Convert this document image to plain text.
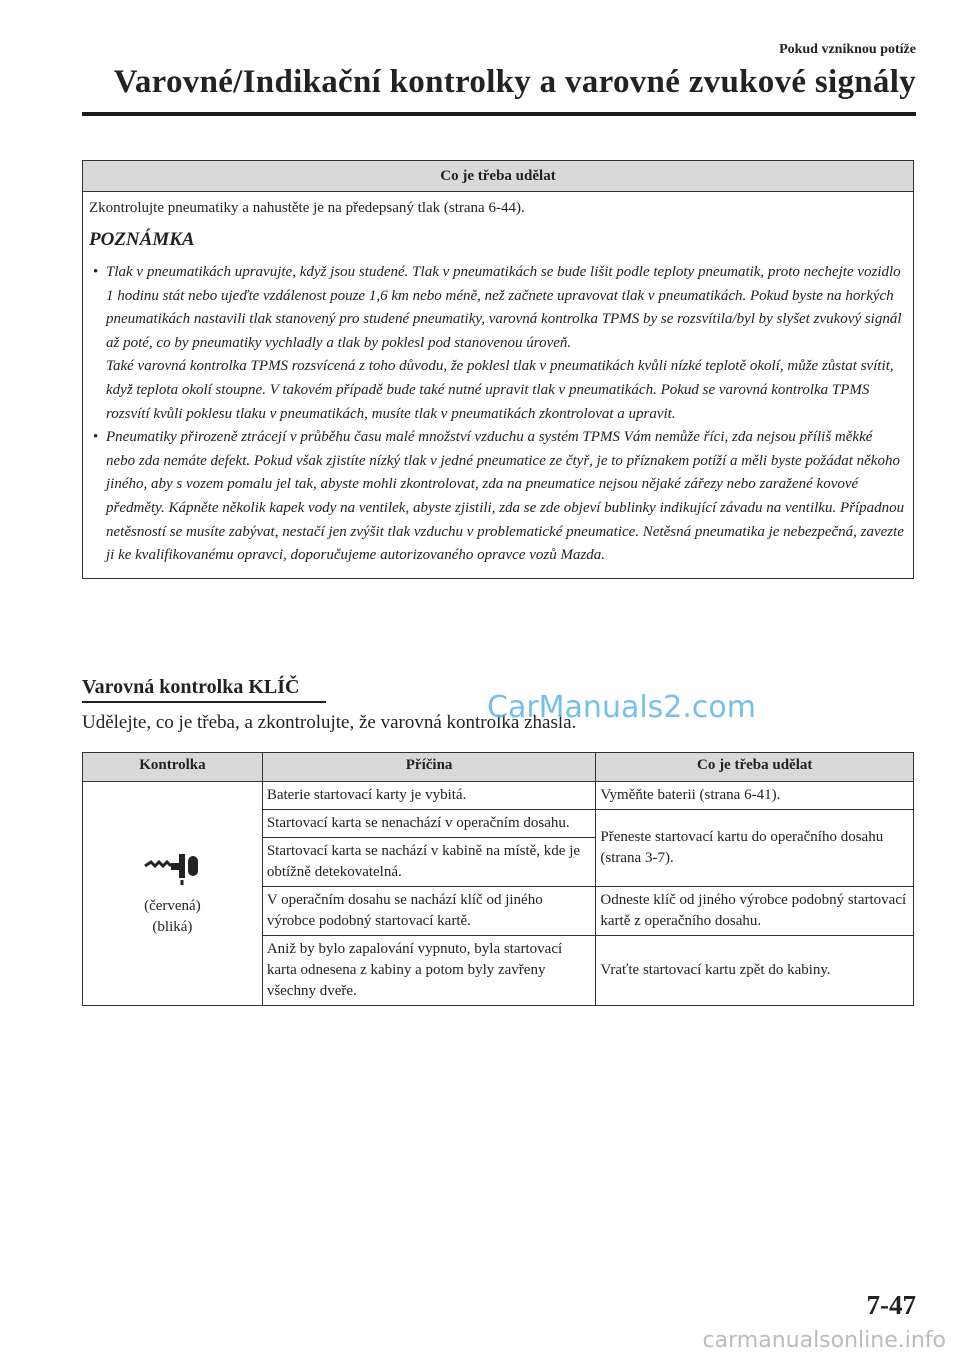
Pokud vzniknou potíže
Varovné/Indikační kontrolky a varovné zvukové signály
Co je třeba udělat

Zkontrolujte pneumatiky a nahustěte je na předepsaný tlak (strana 6-44).

POZNÁMKA
• Tlak v pneumatikách upravujte, když jsou studené. Tlak v pneumatikách se bude lišit podle teploty pneumatik, proto nechejte vozidlo 1 hodinu stát nebo ujeďte vzdálenost pouze 1,6 km nebo méně, než začnete upravovat tlak v pneumatikách. Pokud byste na horkých pneumatikách nastavili tlak stanovený pro studené pneumatiky, varovná kontrolka TPMS by se rozsvítila/byl by slyšet zvukový signál až poté, co by pneumatiky vychladly a tlak by poklesl pod stanovenou úroveň.
Také varovná kontrolka TPMS rozsvícená z toho důvodu, že poklesl tlak v pneumatikách kvůli nízké teplotě okolí, může zůstat svítit, když teplota okolí stoupne. V takovém případě bude také nutné upravit tlak v pneumatikách. Pokud se varovná kontrolka TPMS rozsvítí kvůli poklesu tlaku v pneumatikách, musíte tlak v pneumatikách zkontrolovat a upravit.
• Pneumatiky přirozeně ztrácejí v průběhu času malé množství vzduchu a systém TPMS Vám nemůže říci, zda nejsou příliš měkké nebo zda nemáte defekt. Pokud však zjistíte nízký tlak v jedné pneumatice ze čtyř, je to příznakem potíží a měli byste požádat někoho jiného, aby s vozem pomalu jel tak, abyste mohli zkontrolovat, zda na pneumatice nejsou nějaké zářezy nebo zaražené kovové předměty. Kápněte několik kapek vody na ventilek, abyste zjistili, zda se zde objeví bublinky indikující závadu na ventilku. Případnou netěsností se musíte zabývat, nestačí jen zvýšit tlak vzduchu v problematické pneumatice. Netěsná pneumatika je nebezpečná, zavezte ji ke kvalifikovanému opravci, doporučujeme autorizovaného opravce vozů Mazda.
Varovná kontrolka KLÍČ
Udělejte, co je třeba, a zkontrolujte, že varovná kontrolka zhasla.
CarManuals2.com
Kontrolka	Příčina	Co je třeba udělat

(červená)
(bliká)	Baterie startovací karty je vybitá.	Vyměňte baterii (strana 6-41).
	Startovací karta se nenachází v operačním dosahu.	Přeneste startovací kartu do operačního dosahu (strana 3-7).
	Startovací karta se nachází v kabině na místě, kde je obtížně detekovatelná.	
	V operačním dosahu se nachází klíč od jiného výrobce podobný startovací kartě.	Odneste klíč od jiného výrobce podobný startovací kartě z operačního dosahu.
	Aniž by bylo zapalování vypnuto, byla startovací karta odnesena z kabiny a potom byly zavřeny všechny dveře.	Vraťte startovací kartu zpět do kabiny.
7-47
carmanualsonline.info
